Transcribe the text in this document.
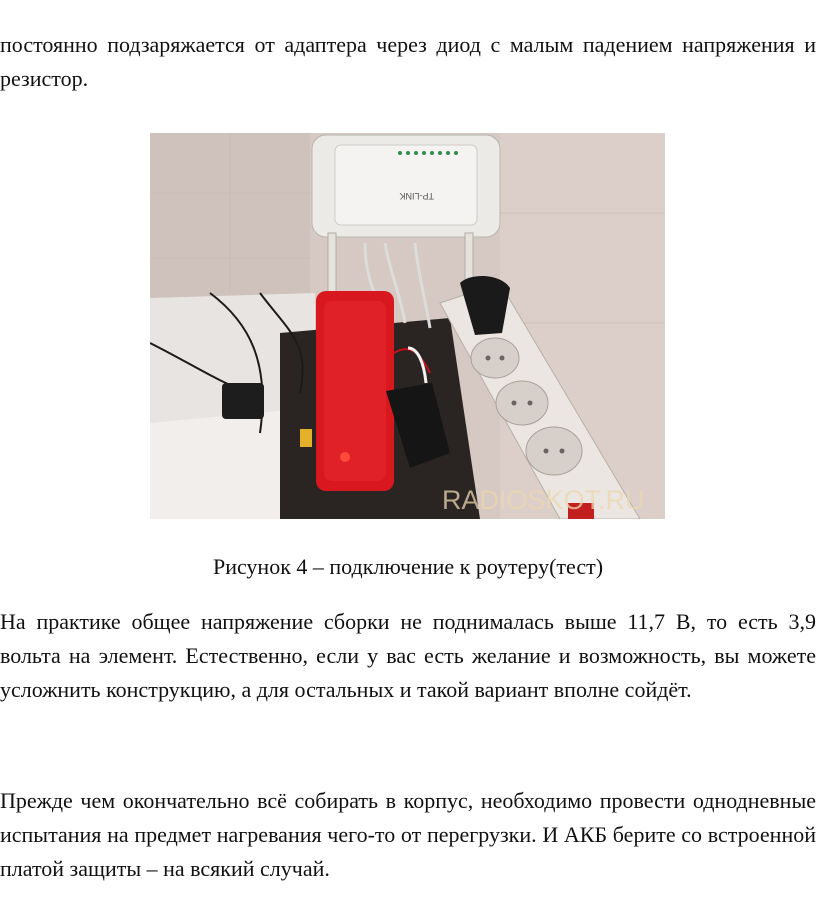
постоянно подзаряжается от адаптера через диод с малым падением напряжения и резистор.

TP-LINK
RADIOSKOT.RU

Рисунок 4 – подключение к роутеру(тест)

На практике общее напряжение сборки не поднималась выше 11,7 В, то есть 3,9 вольта на элемент. Естественно, если у вас есть желание и возможность, вы можете усложнить конструкцию, а для остальных и такой вариант вполне сойдёт.

Прежде чем окончательно всё собирать в корпус, необходимо провести однодневные испытания на предмет нагревания чего-то от перегрузки. И АКБ берите со встроенной платой защиты – на всякий случай.
